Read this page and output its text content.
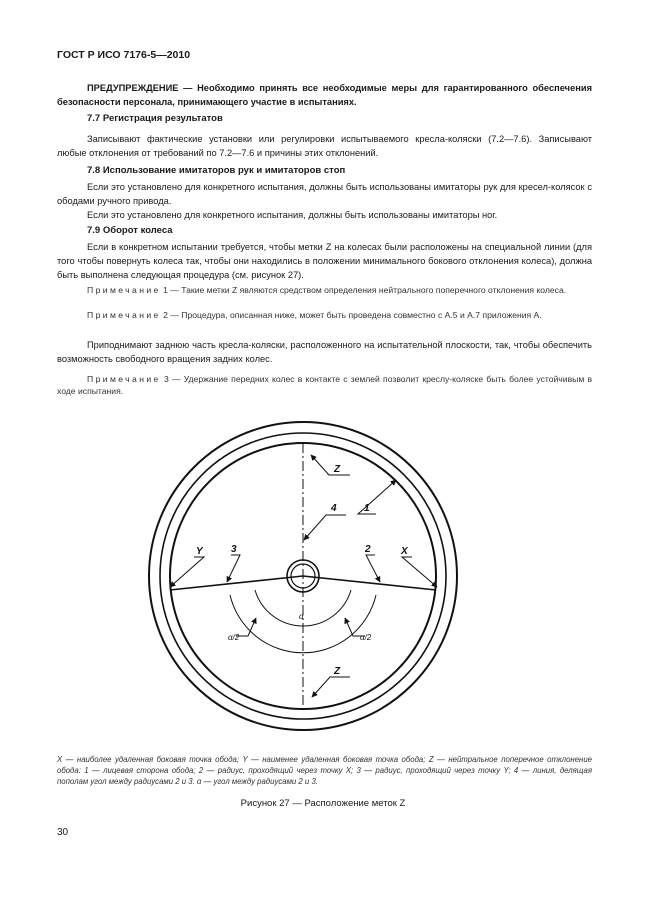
ГОСТ Р ИСО 7176-5—2010
ПРЕДУПРЕЖДЕНИЕ — Необходимо принять все необходимые меры для гарантированного обеспечения безопасности персонала, принимающего участие в испытаниях.
7.7 Регистрация результатов
Записывают фактические установки или регулировки испытываемого кресла-коляски (7.2—7.6). Записывают любые отклонения от требований по 7.2—7.6 и причины этих отклонений.
7.8 Использование имитаторов рук и имитаторов стоп
Если это установлено для конкретного испытания, должны быть использованы имитаторы рук для кресел-колясок с ободами ручного привода.
Если это установлено для конкретного испытания, должны быть использованы имитаторы ног.
7.9 Оборот колеса
Если в конкретном испытании требуется, чтобы метки Z на колесах были расположены на специальной линии (для того чтобы повернуть колеса так, чтобы они находились в положении минимального бокового отклонения колеса), должна быть выполнена следующая процедура (см. рисунок 27).
Примечание 1 — Такие метки Z являются средством определения нейтрального поперечного отклонения колеса.
Примечание 2 — Процедура, описанная ниже, может быть проведена совместно с А.5 и А.7 приложения А.
Приподнимают заднюю часть кресла-коляски, расположенного на испытательной плоскости, так, чтобы обеспечить возможность свободного вращения задних колес.
Примечание 3 — Удержание передних колес в контакте с землей позволит креслу-коляске быть более устойчивым в ходе испытания.
Z
Z
4	1
X
Y	2
3
α
α/2	α/2
X — наиболее удаленная боковая точка обода; Y — наименее удаленная боковая точка обода; Z — нейтральное поперечное отклонение обода: 1 — лицевая сторона обода; 2 — радиус, проходящий через точку X; 3 — радиус, проходящий через точку Y; 4 — линия, делящая пополам угол между радиусами 2 и 3. α — угол между радиусами 2 и 3.
Рисунок 27 — Расположение меток Z
30
